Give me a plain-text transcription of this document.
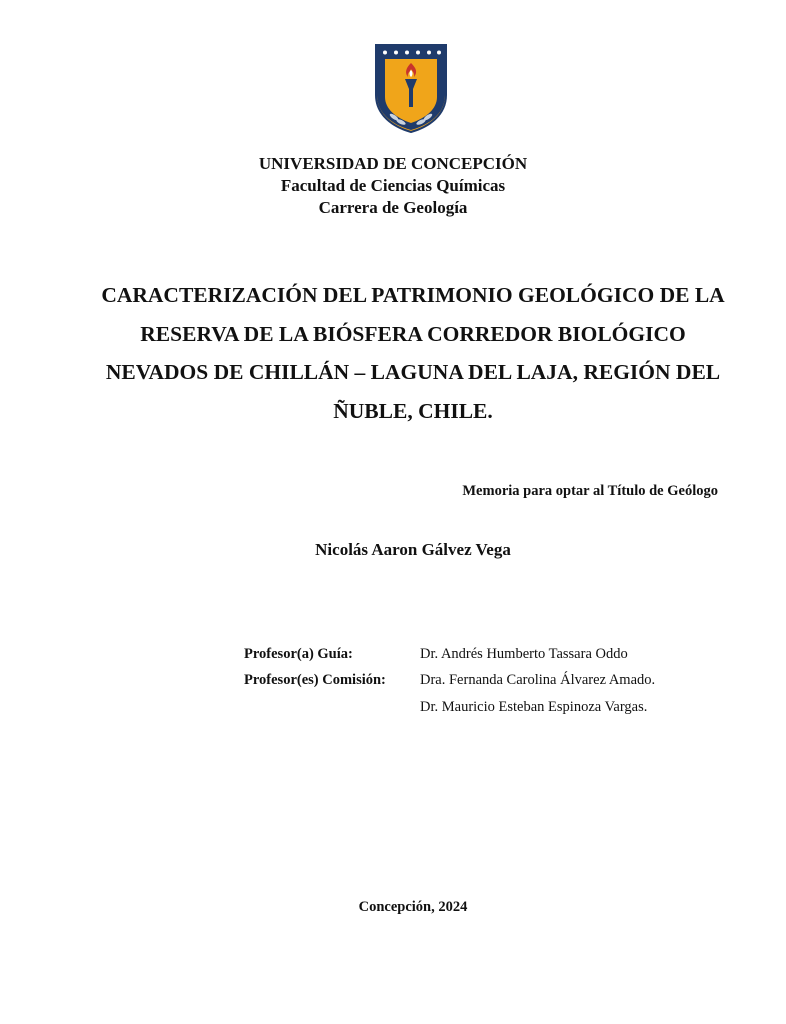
UNIVERSIDAD DE CONCEPCIÓN
Facultad de Ciencias Químicas
Carrera de Geología
CARACTERIZACIÓN DEL PATRIMONIO GEOLÓGICO DE LA
RESERVA DE LA BIÓSFERA CORREDOR BIOLÓGICO
NEVADOS DE CHILLÁN – LAGUNA DEL LAJA, REGIÓN DEL
ÑUBLE, CHILE.
Memoria para optar al Título de Geólogo
Nicolás Aaron Gálvez Vega
Profesor(a) Guía:	Dr. Andrés Humberto Tassara Oddo
Profesor(es) Comisión: Dra. Fernanda Carolina Álvarez Amado.
Dr. Mauricio Esteban Espinoza Vargas.
Concepción, 2024
